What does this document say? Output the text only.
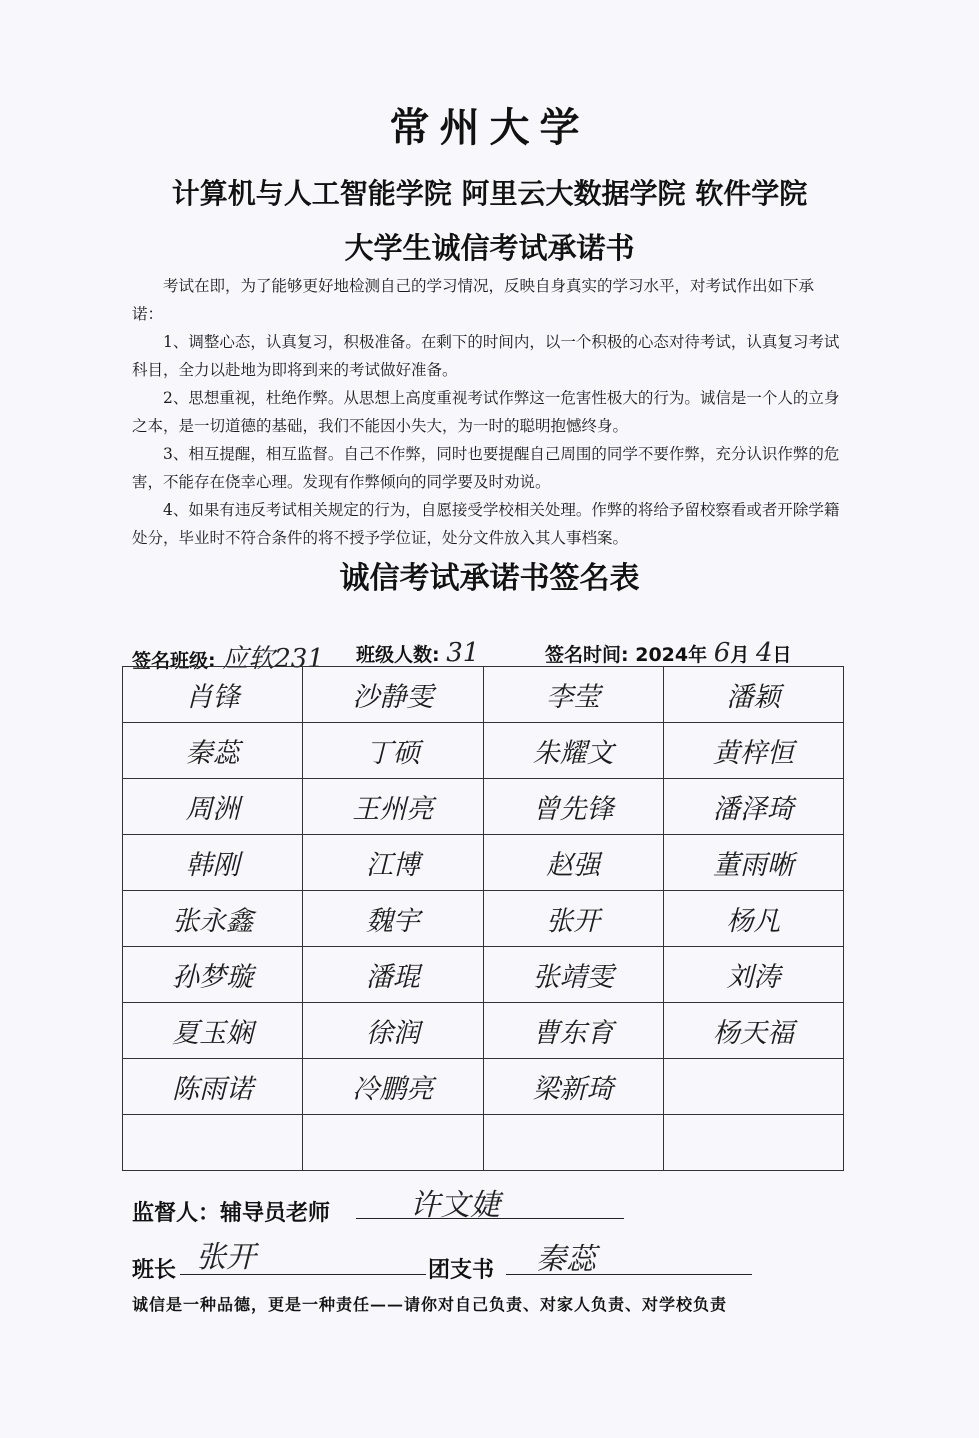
常州大学
计算机与人工智能学院 阿里云大数据学院 软件学院
大学生诚信考试承诺书

考试在即，为了能够更好地检测自己的学习情况，反映自身真实的学习水平，对考试作出如下承诺：

1、调整心态，认真复习，积极准备。在剩下的时间内，以一个积极的心态对待考试，认真复习考试科目，全力以赴地为即将到来的考试做好准备。

2、思想重视，杜绝作弊。从思想上高度重视考试作弊这一危害性极大的行为。诚信是一个人的立身之本，是一切道德的基础，我们不能因小失大，为一时的聪明抱憾终身。

3、相互提醒，相互监督。自己不作弊，同时也要提醒自己周围的同学不要作弊，充分认识作弊的危害，不能存在侥幸心理。发现有作弊倾向的同学要及时劝说。

4、如果有违反考试相关规定的行为，自愿接受学校相关处理。作弊的将给予留校察看或者开除学籍处分，毕业时不符合条件的将不授予学位证，处分文件放入其人事档案。

诚信考试承诺书签名表
签名班级: 应软231 班级人数: 31	签名时间: 2024年 6月 4日
肖锋	沙静雯	李莹	潘颖
秦蕊	丁硕	朱耀文	黄梓恒
周洲	王州亮	曾先锋	潘泽琦
韩刚	江博	赵强	董雨晰
张永鑫	魏宇	张开	杨凡
孙梦璇	潘琨	张靖雯	刘涛
夏玉娴	徐润	曹东育	杨天福
陈雨诺	冷鹏亮	梁新琦	

监督人：辅导员老师	许文婕
班长 张开	团支书 秦蕊
诚信是一种品德，更是一种责任——请你对自己负责、对家人负责、对学校负责
